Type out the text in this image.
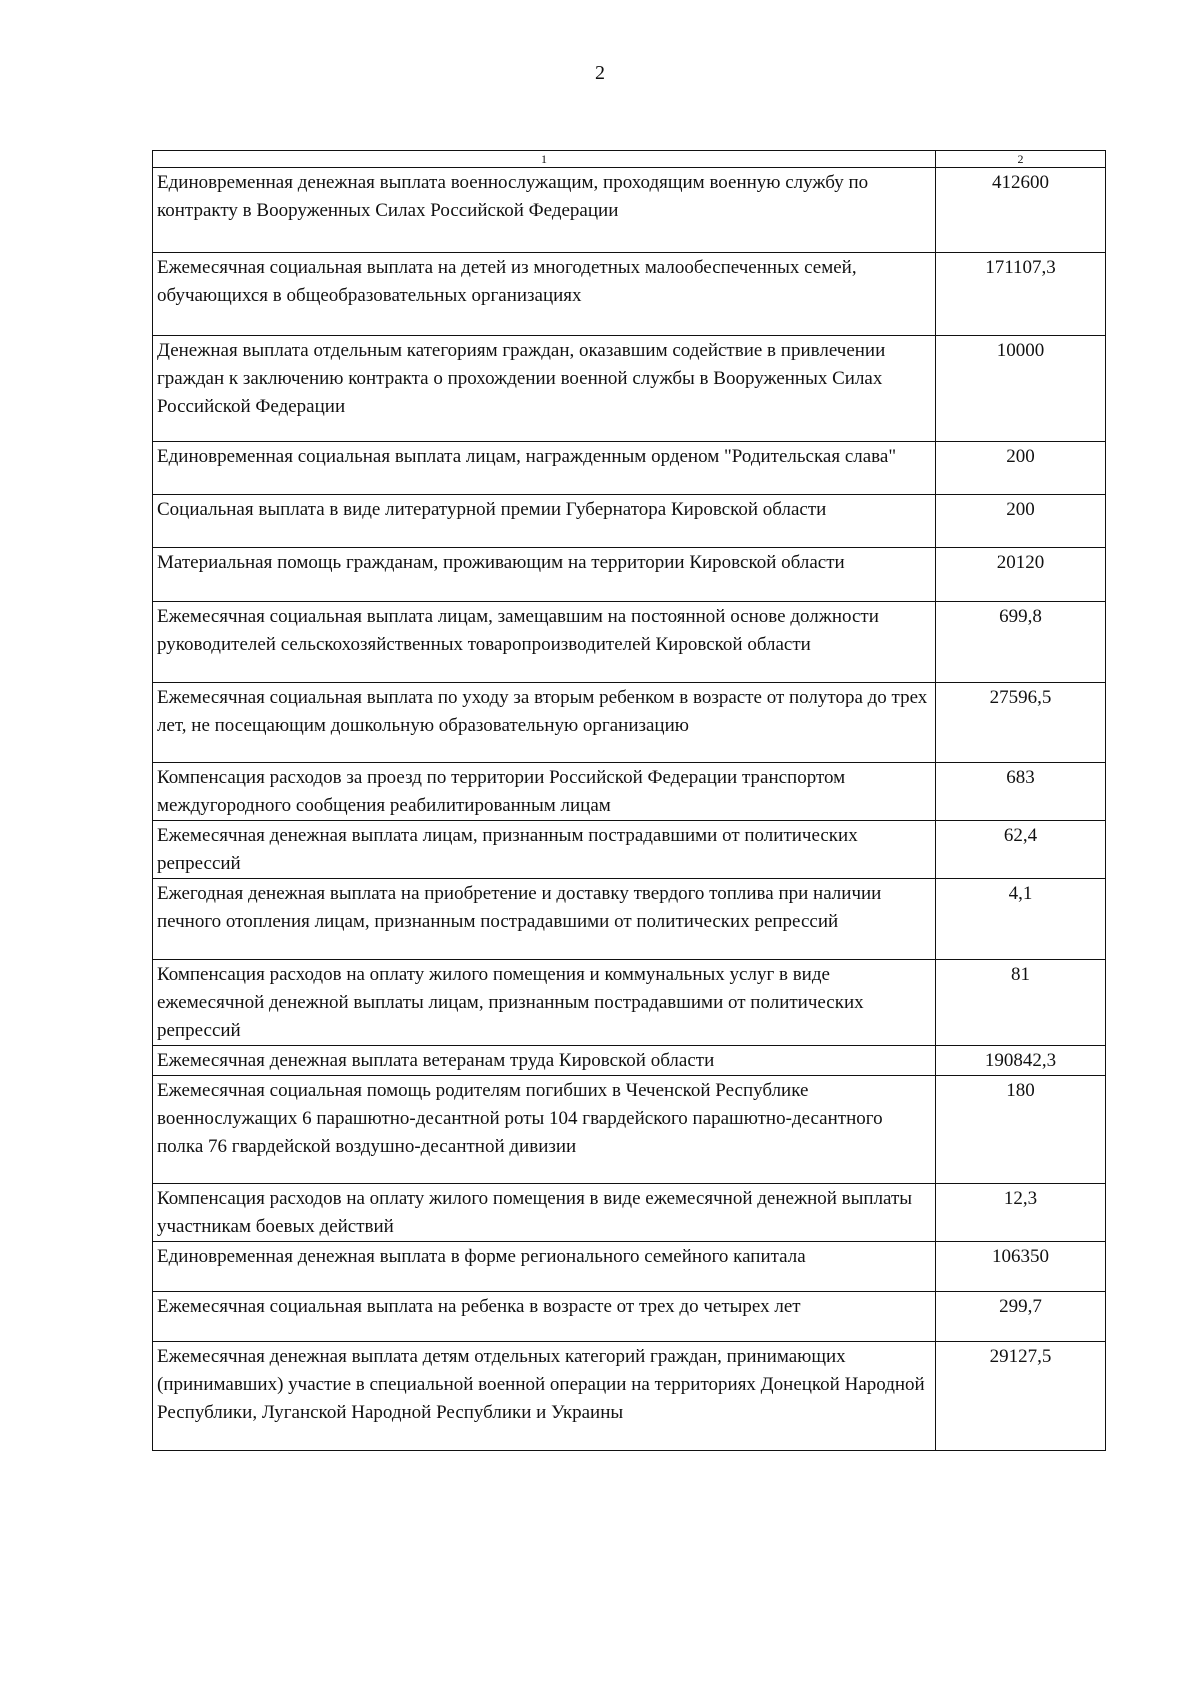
2
1	2
Единовременная денежная выплата военнослужащим, проходящим военную службу по контракту в Вооруженных Силах Российской Федерации	412600
Ежемесячная социальная выплата на детей из многодетных малообеспеченных семей, обучающихся в общеобразовательных организациях	171107,3
Денежная выплата отдельным категориям граждан, оказавшим содействие в привлечении граждан к заключению контракта о прохождении военной службы в Вооруженных Силах Российской Федерации	10000
Единовременная социальная выплата лицам, награжденным орденом "Родительская слава"	200
Социальная выплата в виде литературной премии Губернатора Кировской области	200
Материальная помощь гражданам, проживающим на территории Кировской области	20120
Ежемесячная социальная выплата лицам, замещавшим на постоянной основе должности руководителей сельскохозяйственных товаропроизводителей Кировской области	699,8
Ежемесячная социальная выплата по уходу за вторым ребенком в возрасте от полутора до трех лет, не посещающим дошкольную образовательную организацию	27596,5
Компенсация расходов за проезд по территории Российской Федерации транспортом междугородного сообщения реабилитированным лицам	683
Ежемесячная денежная выплата лицам, признанным пострадавшими от политических репрессий	62,4
Ежегодная денежная выплата на приобретение и доставку твердого топлива при наличии печного отопления лицам, признанным пострадавшими от политических репрессий	4,1
Компенсация расходов на оплату жилого помещения и коммунальных услуг в виде ежемесячной денежной выплаты лицам, признанным пострадавшими от политических репрессий	81
Ежемесячная денежная выплата ветеранам труда Кировской области	190842,3
Ежемесячная социальная помощь родителям погибших в Чеченской Республике военнослужащих 6 парашютно-десантной роты 104 гвардейского парашютно-десантного полка 76 гвардейской воздушно-десантной дивизии	180
Компенсация расходов на оплату жилого помещения в виде ежемесячной денежной выплаты участникам боевых действий	12,3
Единовременная денежная выплата в форме регионального семейного капитала	106350
Ежемесячная социальная выплата на ребенка в возрасте от трех до четырех лет	299,7
Ежемесячная денежная выплата детям отдельных категорий граждан, принимающих (принимавших) участие в специальной военной операции на территориях Донецкой Народной Республики, Луганской Народной Республики и Украины	29127,5
